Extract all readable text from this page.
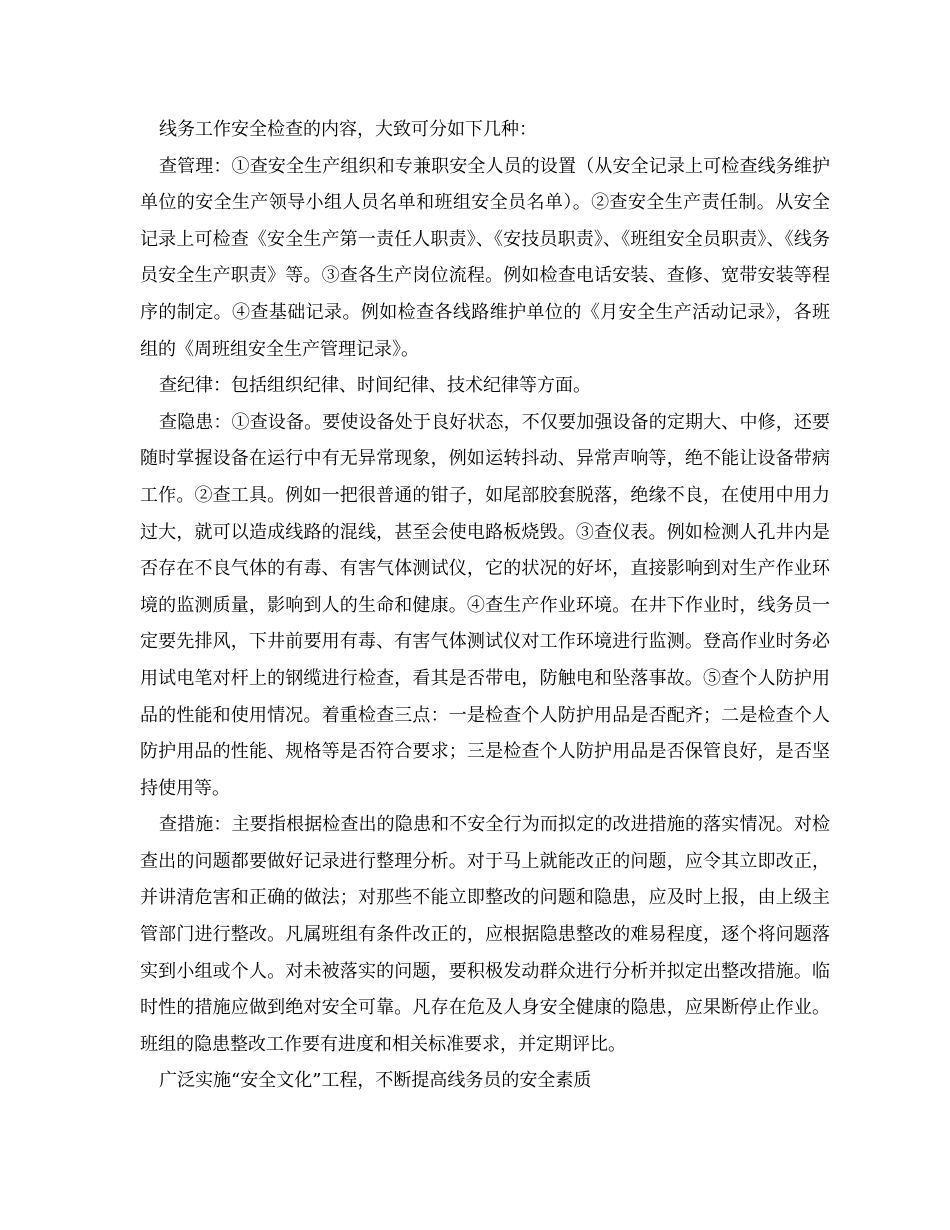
线务工作安全检查的内容，大致可分如下几种：

查管理：①查安全生产组织和专兼职安全人员的设置（从安全记录上可检查线务维护单位的安全生产领导小组人员名单和班组安全员名单）。②查安全生产责任制。从安全记录上可检查《安全生产第一责任人职责》、《安技员职责》、《班组安全员职责》、《线务员安全生产职责》等。③查各生产岗位流程。例如检查电话安装、查修、宽带安装等程序的制定。④查基础记录。例如检查各线路维护单位的《月安全生产活动记录》，各班组的《周班组安全生产管理记录》。

查纪律：包括组织纪律、时间纪律、技术纪律等方面。

查隐患：①查设备。要使设备处于良好状态，不仅要加强设备的定期大、中修，还要随时掌握设备在运行中有无异常现象，例如运转抖动、异常声响等，绝不能让设备带病工作。②查工具。例如一把很普通的钳子，如尾部胶套脱落，绝缘不良，在使用中用力过大，就可以造成线路的混线，甚至会使电路板烧毁。③查仪表。例如检测人孔井内是否存在不良气体的有毒、有害气体测试仪，它的状况的好坏，直接影响到对生产作业环境的监测质量，影响到人的生命和健康。④查生产作业环境。在井下作业时，线务员一定要先排风，下井前要用有毒、有害气体测试仪对工作环境进行监测。登高作业时务必用试电笔对杆上的钢缆进行检查，看其是否带电，防触电和坠落事故。⑤查个人防护用品的性能和使用情况。着重检查三点：一是检查个人防护用品是否配齐；二是检查个人防护用品的性能、规格等是否符合要求；三是检查个人防护用品是否保管良好，是否坚持使用等。

查措施：主要指根据检查出的隐患和不安全行为而拟定的改进措施的落实情况。对检查出的问题都要做好记录进行整理分析。对于马上就能改正的问题，应令其立即改正，并讲清危害和正确的做法；对那些不能立即整改的问题和隐患，应及时上报，由上级主管部门进行整改。凡属班组有条件改正的，应根据隐患整改的难易程度，逐个将问题落实到小组或个人。对未被落实的问题，要积极发动群众进行分析并拟定出整改措施。临时性的措施应做到绝对安全可靠。凡存在危及人身安全健康的隐患，应果断停止作业。班组的隐患整改工作要有进度和相关标准要求，并定期评比。

广泛实施“安全文化”工程，不断提高线务员的安全素质
